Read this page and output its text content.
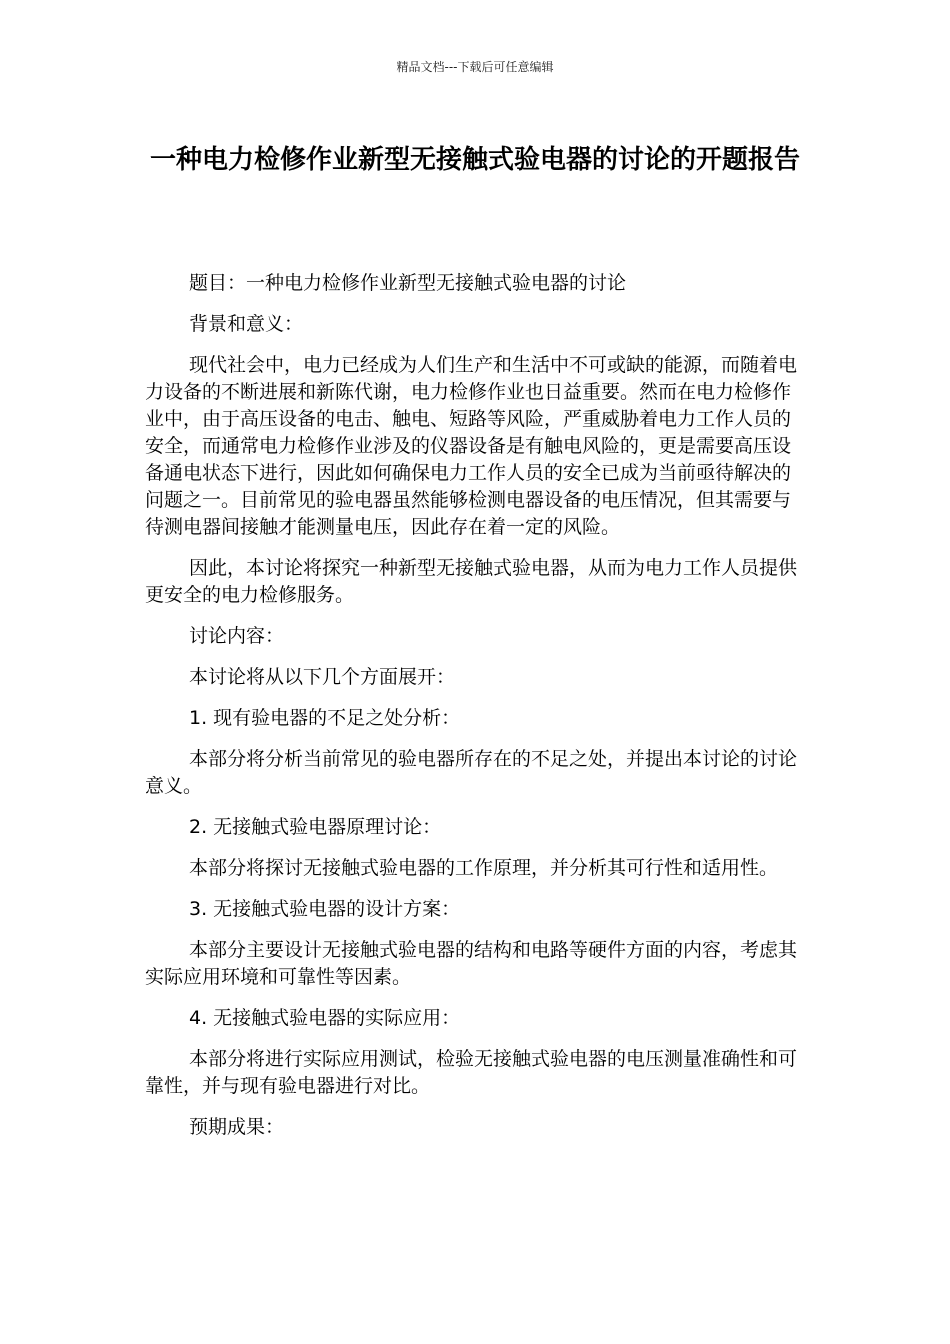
精品文档---下载后可任意编辑
一种电力检修作业新型无接触式验电器的讨论的开题报告

题目：一种电力检修作业新型无接触式验电器的讨论

背景和意义：

现代社会中，电力已经成为人们生产和生活中不可或缺的能源，而随着电力设备的不断进展和新陈代谢，电力检修作业也日益重要。然而在电力检修作业中，由于高压设备的电击、触电、短路等风险，严重威胁着电力工作人员的安全，而通常电力检修作业涉及的仪器设备是有触电风险的，更是需要高压设备通电状态下进行，因此如何确保电力工作人员的安全已成为当前亟待解决的问题之一。目前常见的验电器虽然能够检测电器设备的电压情况，但其需要与待测电器间接触才能测量电压，因此存在着一定的风险。

因此，本讨论将探究一种新型无接触式验电器，从而为电力工作人员提供更安全的电力检修服务。

讨论内容：

本讨论将从以下几个方面展开：

1. 现有验电器的不足之处分析：

本部分将分析当前常见的验电器所存在的不足之处，并提出本讨论的讨论意义。

2. 无接触式验电器原理讨论：

本部分将探讨无接触式验电器的工作原理，并分析其可行性和适用性。

3. 无接触式验电器的设计方案：

本部分主要设计无接触式验电器的结构和电路等硬件方面的内容，考虑其实际应用环境和可靠性等因素。

4. 无接触式验电器的实际应用：

本部分将进行实际应用测试，检验无接触式验电器的电压测量准确性和可靠性，并与现有验电器进行对比。

预期成果：
